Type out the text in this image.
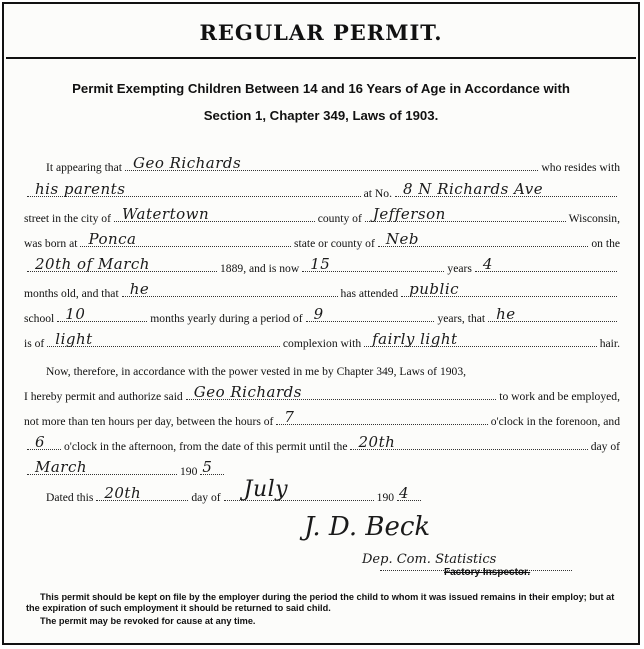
REGULAR PERMIT.
Permit Exempting Children Between 14 and 16 Years of Age in Accordance with
Section 1, Chapter 349, Laws of 1903.
It appearing that Geo Richards	who resides with
his parents	at No. 8 N Richards Ave
street in the city of Watertown	county of Jefferson	Wisconsin,
was born at Ponca	state or county of Neb	on the
20th of March	1889, and is now 15	years 4
months old, and that he	has attended public
school 10	months yearly during a period of 9	years, that he
is of light	complexion with fairly light	hair.
Now, therefore, in accordance with the power vested in me by Chapter 349, Laws of 1903,
I hereby permit and authorize said Geo Richards	to work and be employed,
not more than ten hours per day, between the hours of 7	o'clock in the forenoon, and
6 o'clock in the afternoon, from the date of this permit until the 20th	day of
March	190 5
Dated this 20th	day of July	190 4
J. D. Beck
Dep. Com. Statistics
Factory Inspector.
This permit should be kept on file by the employer during the period the child to whom it was issued remains in their employ; but at the expiration of such employment it should be returned to said child.
The permit may be revoked for cause at any time.
